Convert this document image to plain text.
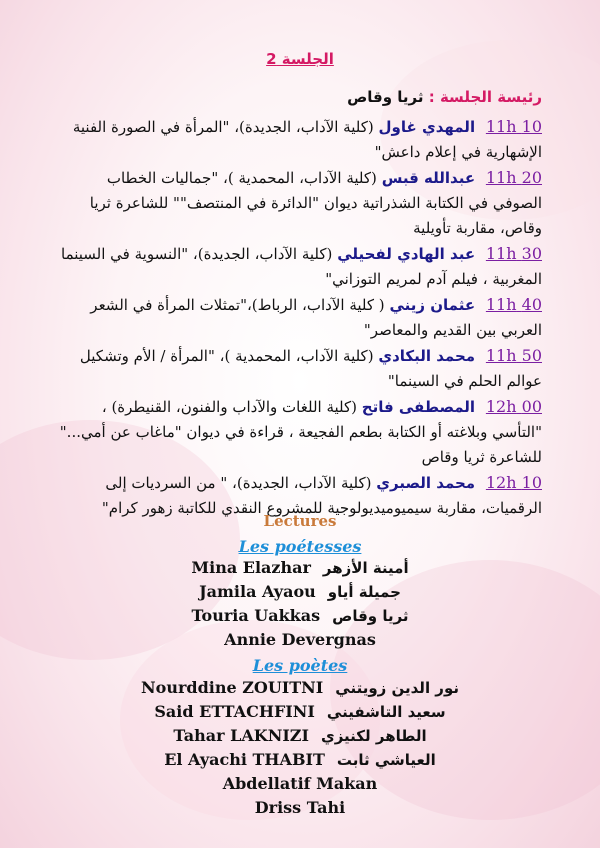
الجلسة 2
رئيسة الجلسة : ثريا وقاص
10 11h المهدي غاول (كلية الآداب، الجديدة)، "المرأة في الصورة الفنية الإشهارية في إعلام داعش"
20 11h عبدالله قبس (كلية الآداب، المحمدية )، "جماليات الخطاب الصوفي في الكتابة الشذراتية ديوان "الدائرة في المنتصف"" للشاعرة ثريا وقاص، مقاربة تأويلية
30 11h عبد الهادي لفحيلي (كلية الآداب، الجديدة)، "النسوية في السينما المغربية ، فيلم آدم لمريم التوزاني"
40 11h عثمان زيني ( كلية الآداب، الرباط)،"تمثلات المرأة في الشعر العربي بين القديم والمعاصر"
50 11h محمد البكادي (كلية الآداب، المحمدية )، "المرأة / الأم وتشكيل عوالم الحلم في السينما"
00 12h المصطفى فاتح (كلية اللغات والآداب والفنون، القنيطرة) ، "التأسي وبلاغته أو الكتابة بطعم الفجيعة ، قراءة في ديوان "ماغاب عن أمي..." للشاعرة ثريا وقاص
10 12h محمد الصبري (كلية الآداب، الجديدة)، " من السرديات إلى الرقميات، مقاربة سيميوميديولوجية للمشروع النقدي للكاتبة زهور كرام"
Lectures
Les poétesses
Mina Elazhar أمينة الأزهر
Jamila Ayaou جميلة أياو
Touria Uakkas ثريا وقاص
Annie Devergnas
Les poètes
Nourddine ZOUITNI نور الدين زويتني
Said ETTACHFINI سعيد التاشفيني
Tahar LAKNIZI الطاهر لكنيزي
El Ayachi THABIT العياشي ثابت
Abdellatif Makan
Driss Tahi
